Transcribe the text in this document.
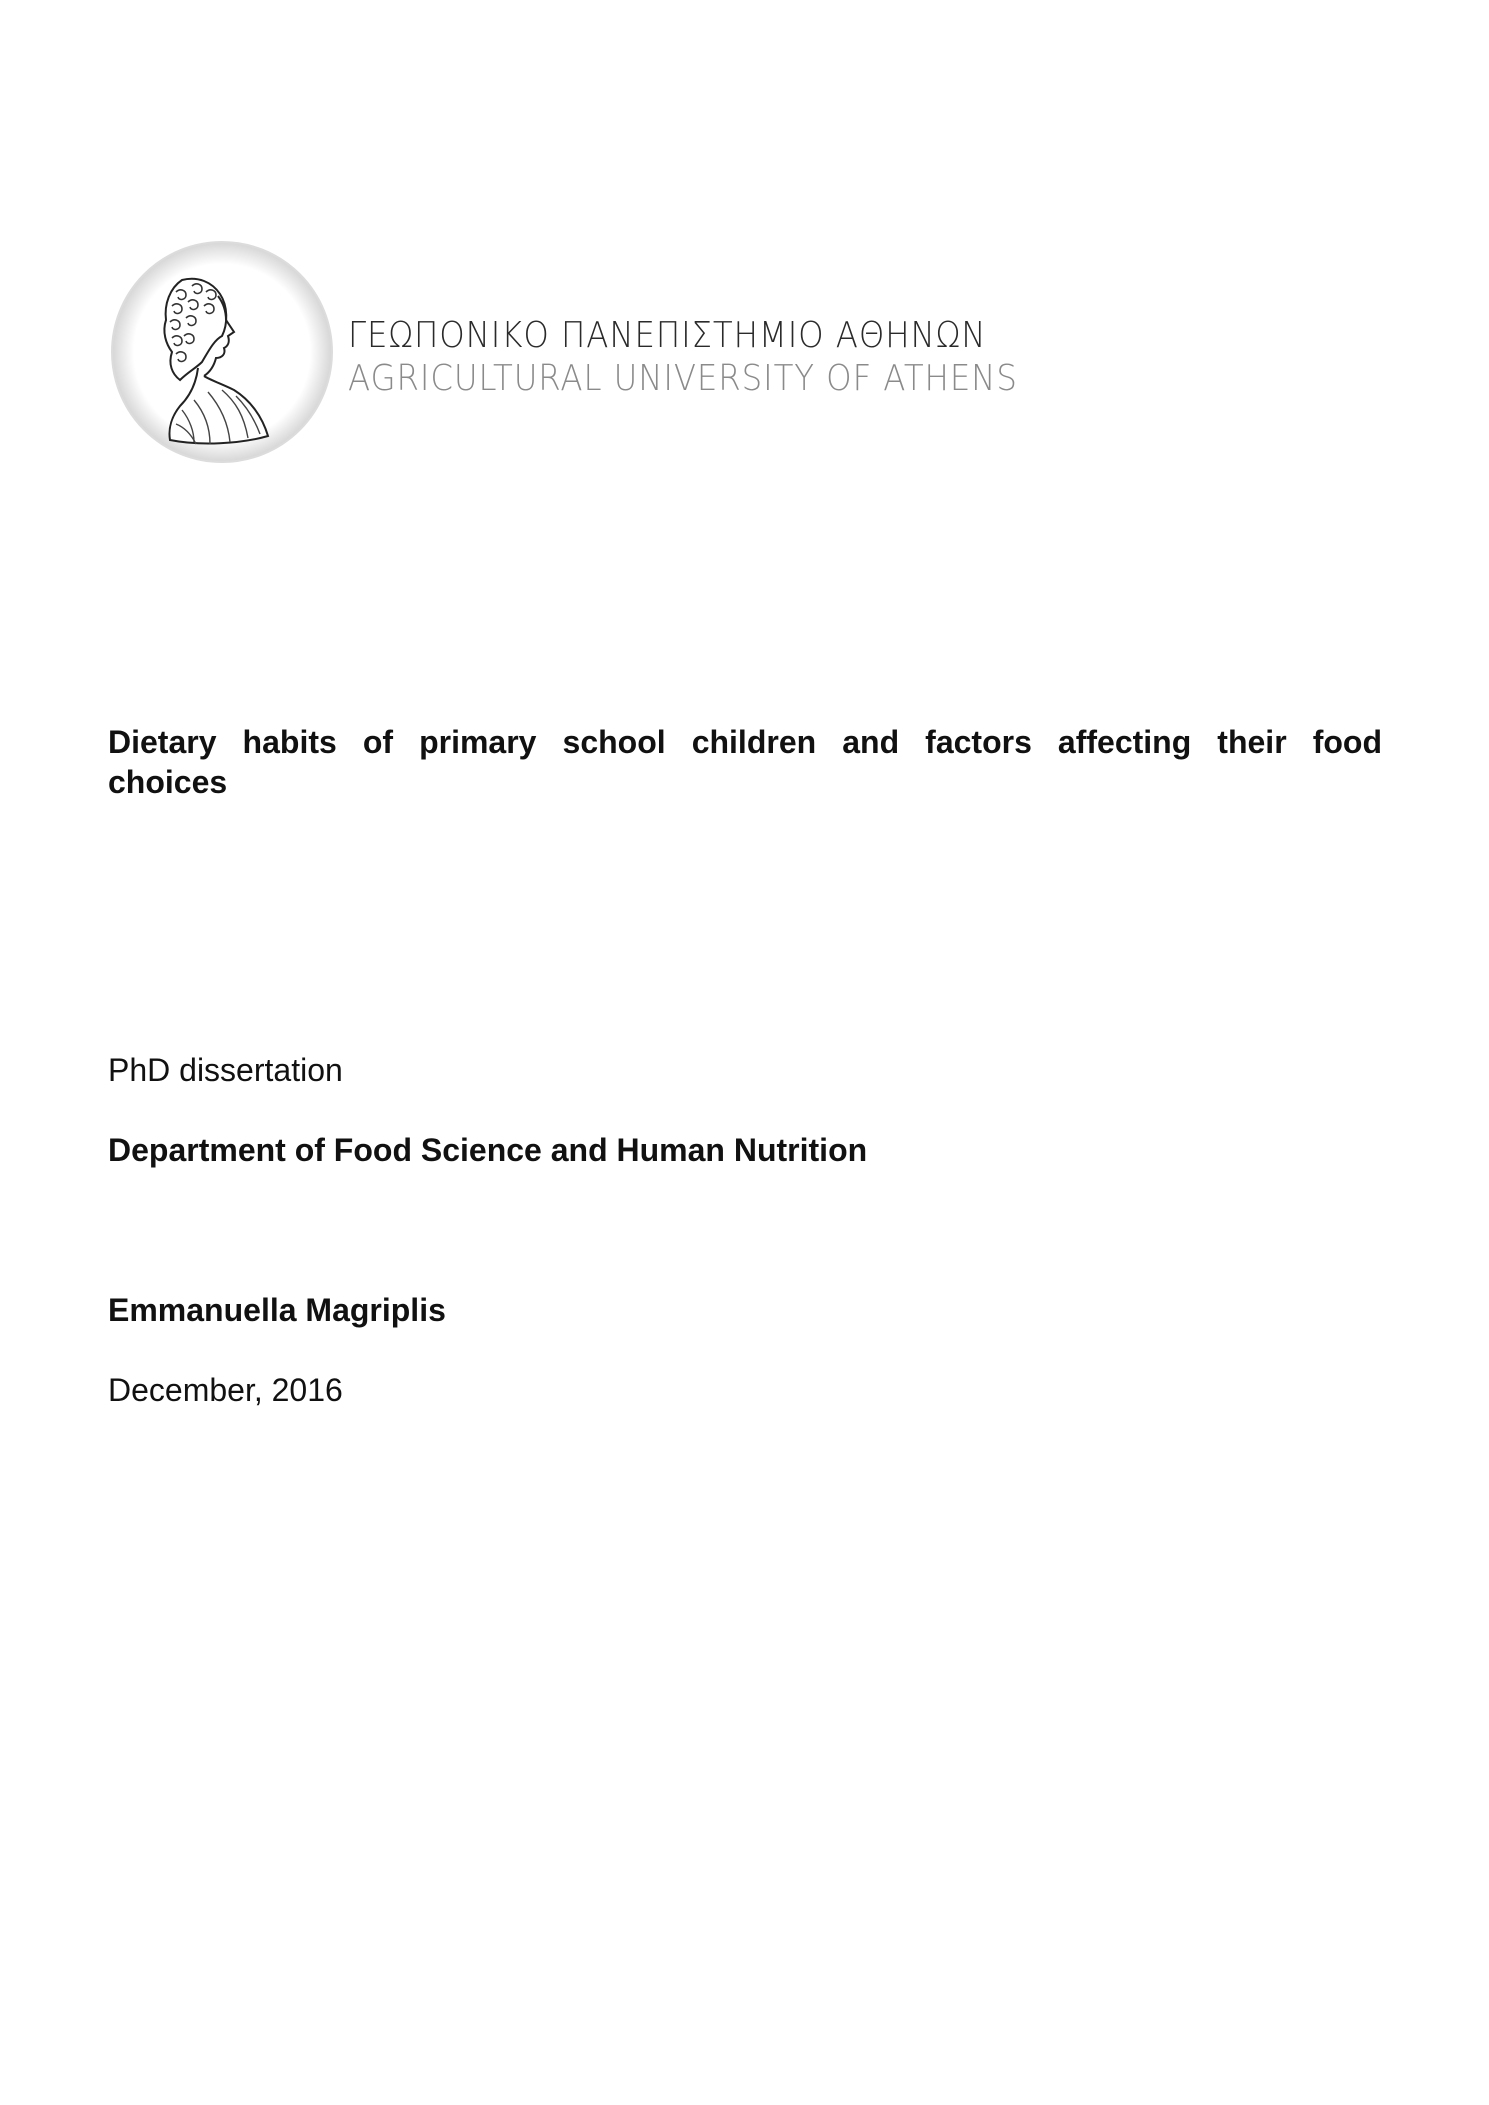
ΓΕΩΠΟΝΙΚΟ ΠΑΝΕΠΙΣΤΗΜΙΟ ΑΘΗΝΩΝ
AGRICULTURAL UNIVERSITY OF ATHENS
Dietary habits of primary school children and factors affecting their food choices
PhD dissertation
Department of Food Science and Human Nutrition
Emmanuella Magriplis
December, 2016
